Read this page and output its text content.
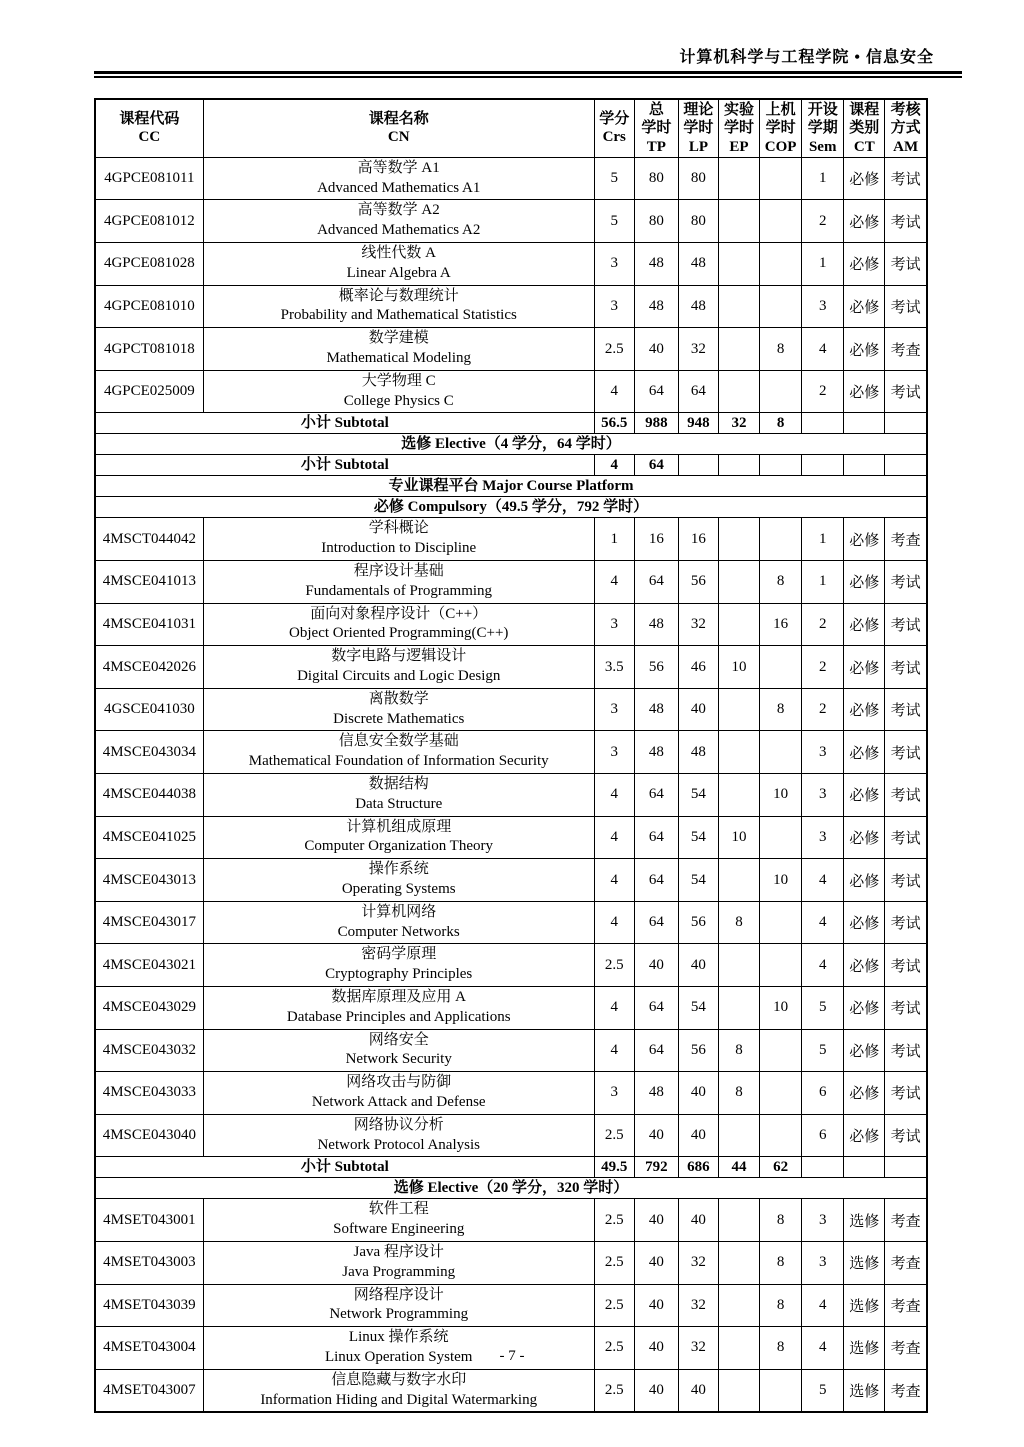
计算机科学与工程学院 • 信息安全
课程代码
CC

课程名称
CN

学分
Crs

总
学时
TP

理论
学时
LP

实验
学时
EP

上机
学时
COP

开设
学期
Sem

课程
类别
CT

考核
方式
AM

4GPCE081011	高等数学 A1
Advanced Mathematics A1	5	80	80			1	必修	考试
4GPCE081012	高等数学 A2
Advanced Mathematics A2	5	80	80			2	必修	考试
4GPCE081028	线性代数 A
Linear Algebra A	3	48	48			1	必修	考试
4GPCE081010	概率论与数理统计
Probability and Mathematical Statistics	3	48	48			3	必修	考试
4GPCT081018	数学建模
Mathematical Modeling	2.5	40	32		8	4	必修	考查
4GPCE025009	大学物理 C
College Physics C	4	64	64			2	必修	考试
小计 Subtotal		56.5	988	948	32	8			
选修 Elective（4 学分，64 学时）									
小计 Subtotal		4	64						
专业课程平台 Major Course Platform									
必修 Compulsory（49.5 学分，792 学时）									
4MSCT044042	学科概论
Introduction to Discipline	1	16	16			1	必修	考查
4MSCE041013	程序设计基础
Fundamentals of Programming	4	64	56		8	1	必修	考试
4MSCE041031	面向对象程序设计（C++）
Object Oriented Programming(C++)	3	48	32		16	2	必修	考试
4MSCE042026	数字电路与逻辑设计
Digital Circuits and Logic Design	3.5	56	46	10		2	必修	考试
4GSCE041030	离散数学
Discrete Mathematics	3	48	40		8	2	必修	考试
4MSCE043034	信息安全数学基础
Mathematical Foundation of Information Security	3	48	48			3	必修	考试
4MSCE044038	数据结构
Data Structure	4	64	54		10	3	必修	考试
4MSCE041025	计算机组成原理
Computer Organization Theory	4	64	54	10		3	必修	考试
4MSCE043013	操作系统
Operating Systems	4	64	54		10	4	必修	考试
4MSCE043017	计算机网络
Computer Networks	4	64	56	8		4	必修	考试
4MSCE043021	密码学原理
Cryptography Principles	2.5	40	40			4	必修	考试
4MSCE043029	数据库原理及应用 A
Database Principles and Applications	4	64	54		10	5	必修	考试
4MSCE043032	网络安全
Network Security	4	64	56	8		5	必修	考试
4MSCE043033	网络攻击与防御
Network Attack and Defense	3	48	40	8		6	必修	考试
4MSCE043040	网络协议分析
Network Protocol Analysis	2.5	40	40			6	必修	考试
小计 Subtotal		49.5	792	686	44	62			
选修 Elective（20 学分，320 学时）									
4MSET043001	软件工程
Software Engineering	2.5	40	40		8	3	选修	考查
4MSET043003	Java 程序设计
Java Programming	2.5	40	32		8	3	选修	考查
4MSET043039	网络程序设计
Network Programming	2.5	40	32		8	4	选修	考查
4MSET043004	Linux 操作系统
Linux Operation System	2.5	40	32		8	4	选修	考查
4MSET043007	信息隐藏与数字水印
Information Hiding and Digital Watermarking	2.5	40	40			5	选修	考查
- 7 -
